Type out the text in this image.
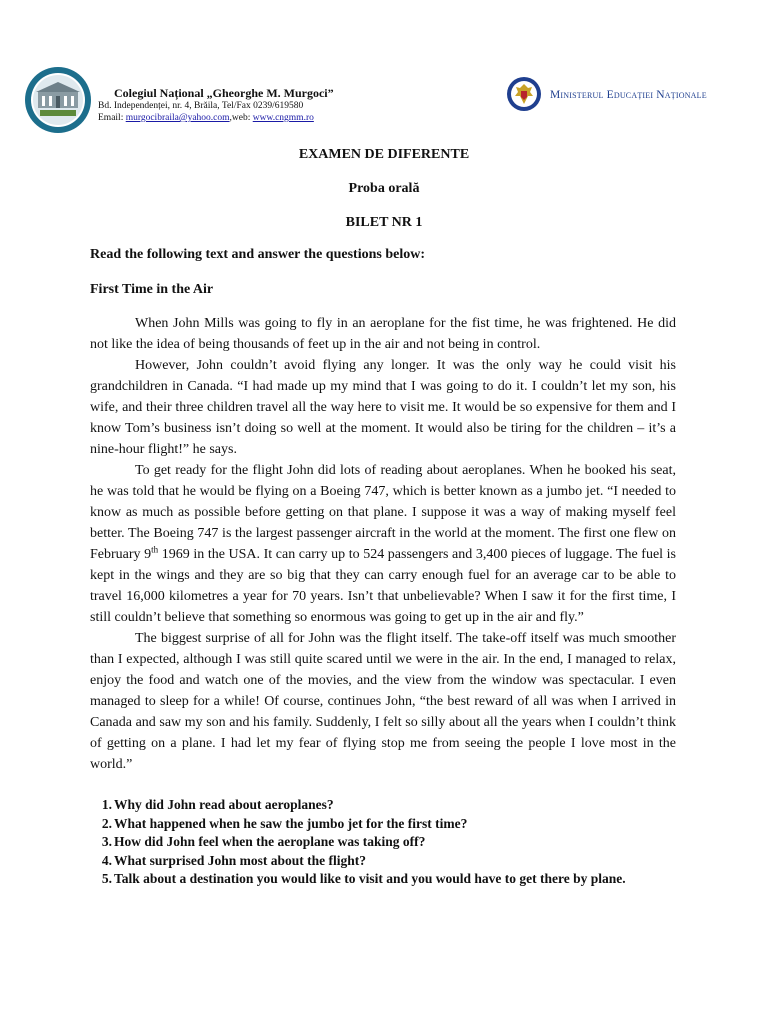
Colegiul Național „Gheorghe M. Murgoci”
Bd. Independenței, nr. 4, Brăila, Tel/Fax 0239/619580
Email: murgocibraila@yahoo.com,web: www.cngmm.ro
Ministerul Educației Naționale
EXAMEN DE DIFERENTE
Proba orală
BILET NR 1
Read the following text and answer the questions below:
First Time in the Air

When John Mills was going to fly in an aeroplane for the fist time, he was frightened. He did not like the idea of being thousands of feet up in the air and not being in control.

However, John couldn’t avoid flying any longer. It was the only way he could visit his grandchildren in Canada. “I had made up my mind that I was going to do it. I couldn’t let my son, his wife, and their three children travel all the way here to visit me. It would be so expensive for them and I know Tom’s business isn’t doing so well at the moment. It would also be tiring for the children – it’s a nine-hour flight!” he says.

To get ready for the flight John did lots of reading about aeroplanes. When he booked his seat, he was told that he would be flying on a Boeing 747, which is better known as a jumbo jet. “I needed to know as much as possible before getting on that plane. I suppose it was a way of making myself feel better. The Boeing 747 is the largest passenger aircraft in the world at the moment. The first one flew on February 9th 1969 in the USA. It can carry up to 524 passengers and 3,400 pieces of luggage. The fuel is kept in the wings and they are so big that they can carry enough fuel for an average car to be able to travel 16,000 kilometres a year for 70 years. Isn’t that unbelievable? When I saw it for the first time, I still couldn’t believe that something so enormous was going to get up in the air and fly.”

The biggest surprise of all for John was the flight itself. The take-off itself was much smoother than I expected, although I was still quite scared until we were in the air. In the end, I managed to relax, enjoy the food and watch one of the movies, and the view from the window was spectacular. I even managed to sleep for a while! Of course, continues John, “the best reward of all was when I arrived in Canada and saw my son and his family. Suddenly, I felt so silly about all the years when I couldn’t think of getting on a plane. I had let my fear of flying stop me from seeing the people I love most in the world.”

1. Why did John read about aeroplanes?
2. What happened when he saw the jumbo jet for the first time?
3. How did John feel when the aeroplane was taking off?
4. What surprised John most about the flight?
5. Talk about a destination you would like to visit and you would have to get there by plane.
